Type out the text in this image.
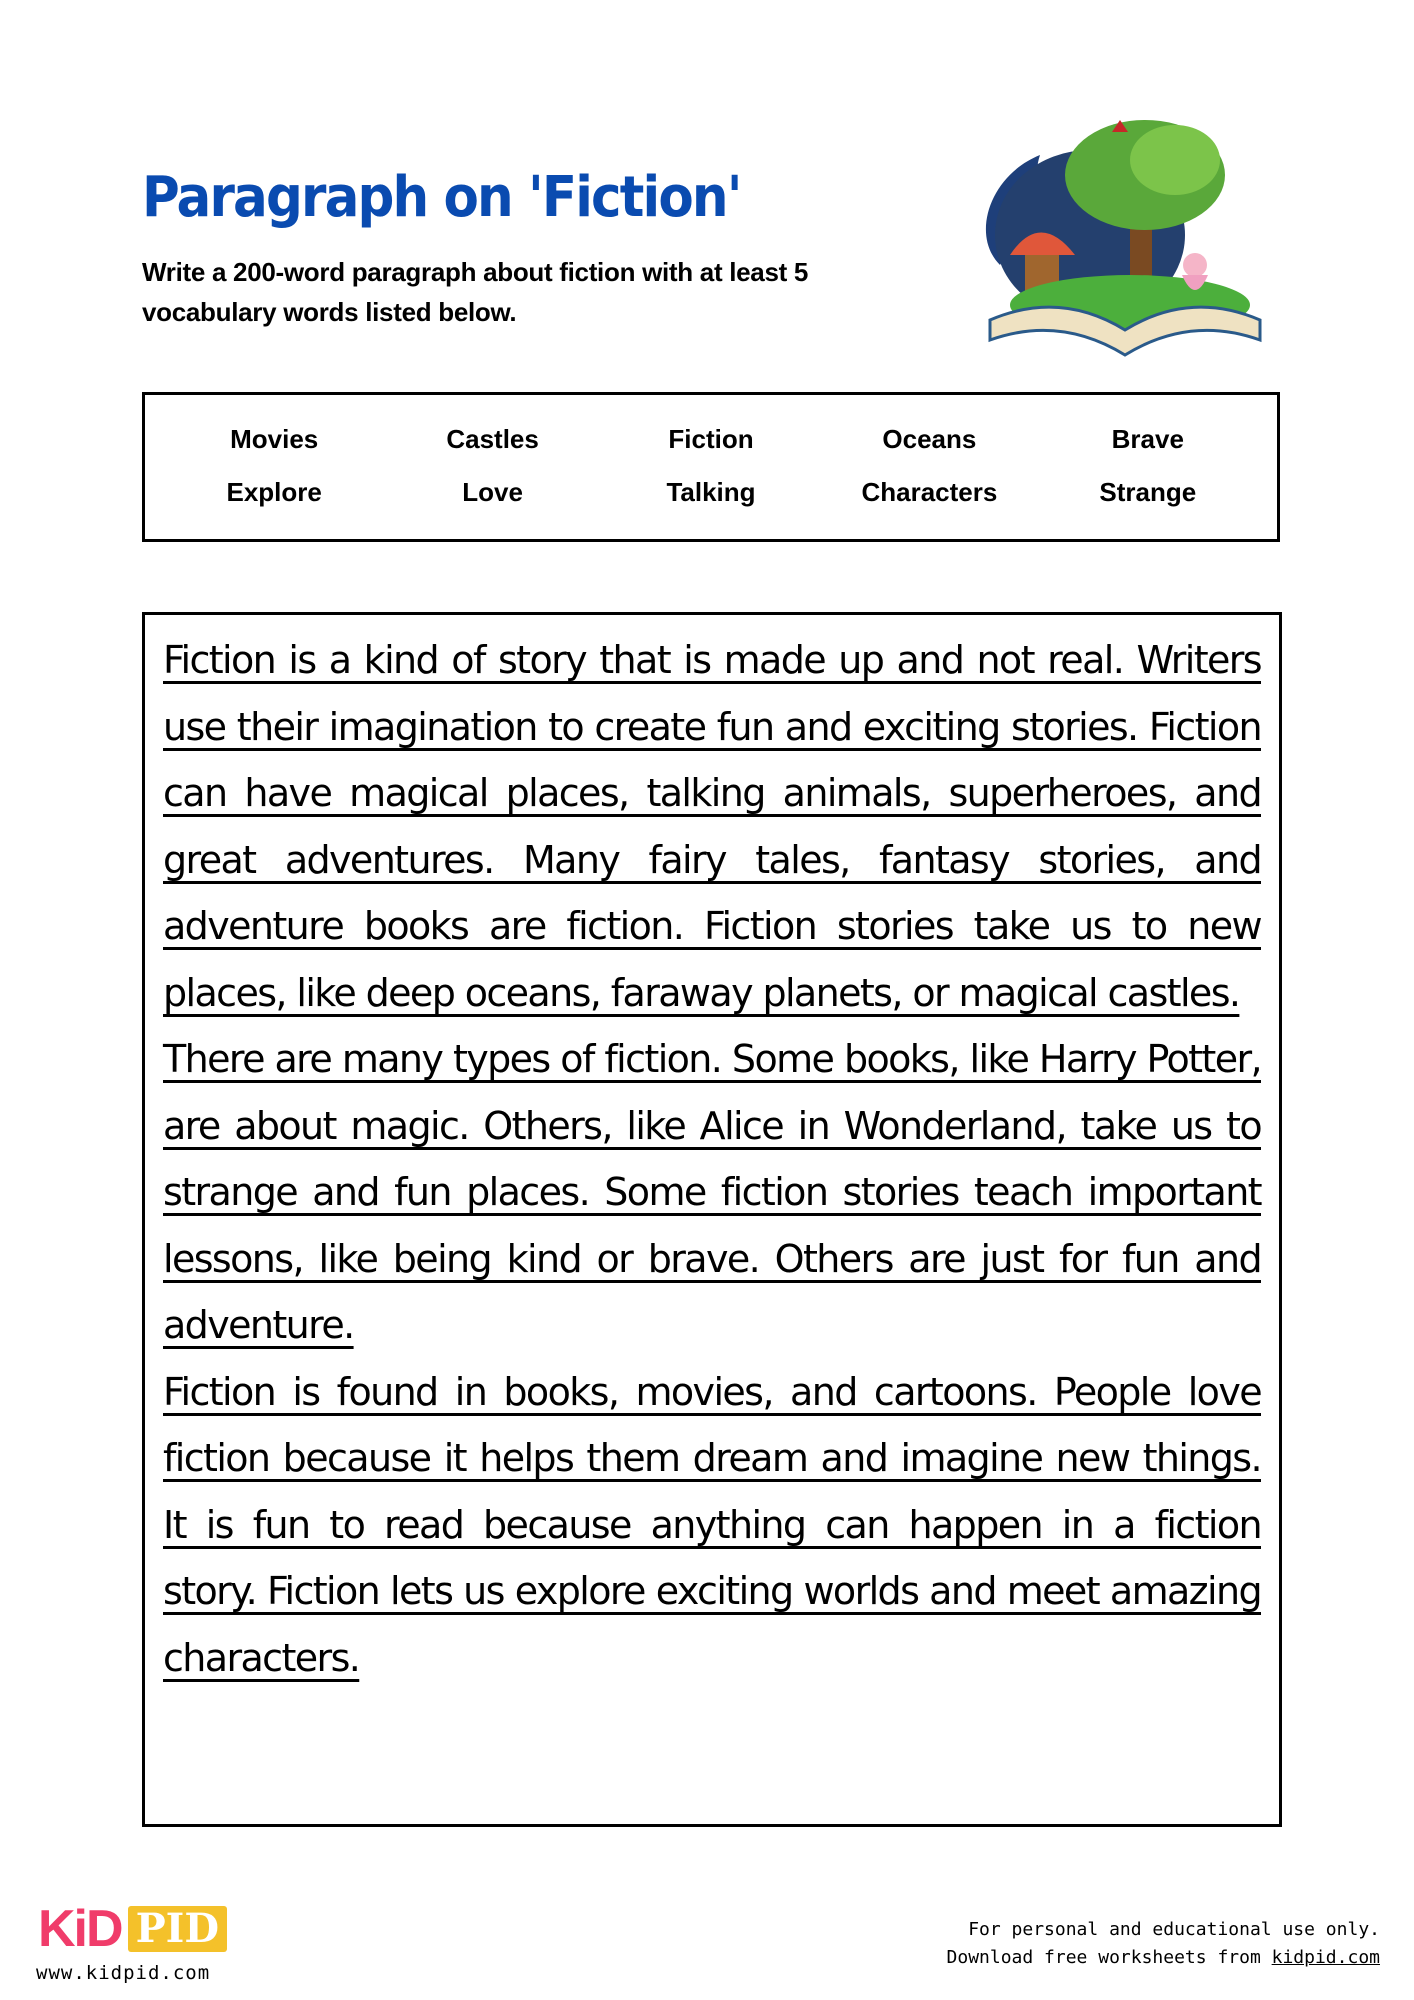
Paragraph on 'Fiction'
Write a 200-word paragraph about fiction with at least 5 vocabulary words listed below.
Movies	Castles	Fiction	Oceans	Brave
Explore	Love	Talking	Characters	Strange

Fiction is a kind of story that is made up and not real. Writers use their imagination to create fun and exciting stories. Fiction can have magical places, talking animals, superheroes, and great adventures. Many fairy tales, fantasy stories, and adventure books are fiction. Fiction stories take us to new places, like deep oceans, faraway planets, or magical castles.

There are many types of fiction. Some books, like Harry Potter, are about magic. Others, like Alice in Wonderland, take us to strange and fun places. Some fiction stories teach important lessons, like being kind or brave. Others are just for fun and adventure.

Fiction is found in books, movies, and cartoons. People love fiction because it helps them dream and imagine new things. It is fun to read because anything can happen in a fiction story. Fiction lets us explore exciting worlds and meet amazing characters.

KiD PID
www.kidpid.com
For personal and educational use only.
Download free worksheets from kidpid.com
